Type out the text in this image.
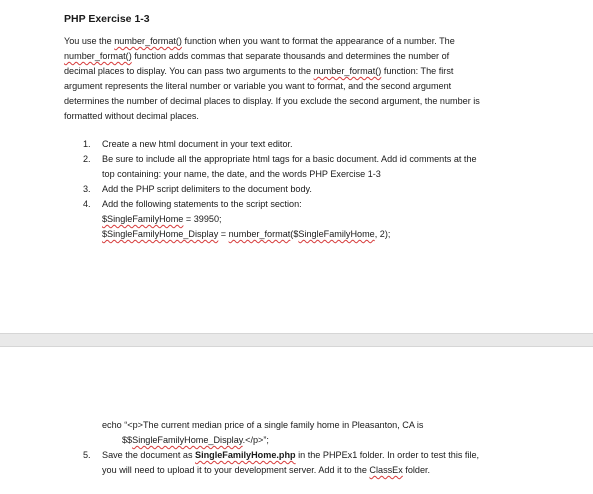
PHP Exercise 1-3
You use the number_format() function when you want to format the appearance of a number. The
number_format() function adds commas that separate thousands and determines the number of
decimal places to display. You can pass two arguments to the number_format() function: The first
argument represents the literal number or variable you want to format, and the second argument
determines the number of decimal places to display. If you exclude the second argument, the number is
formatted without decimal places.
1. Create a new html document in your text editor.
2. Be sure to include all the appropriate html tags for a basic document. Add id comments at the
top containing: your name, the date, and the words PHP Exercise 1-3
3. Add the PHP script delimiters to the document body.
4. Add the following statements to the script section:
$SingleFamilyHome = 39950;
$SingleFamilyHome_Display = number_format($SingleFamilyHome, 2);
echo “<p>The current median price of a single family home in Pleasanton, CA is
$$SingleFamilyHome_Display.</p>”;
5. Save the document as SingleFamilyHome.php in the PHPEx1 folder. In order to test this file,
you will need to upload it to your development server. Add it to the ClassEx folder.
